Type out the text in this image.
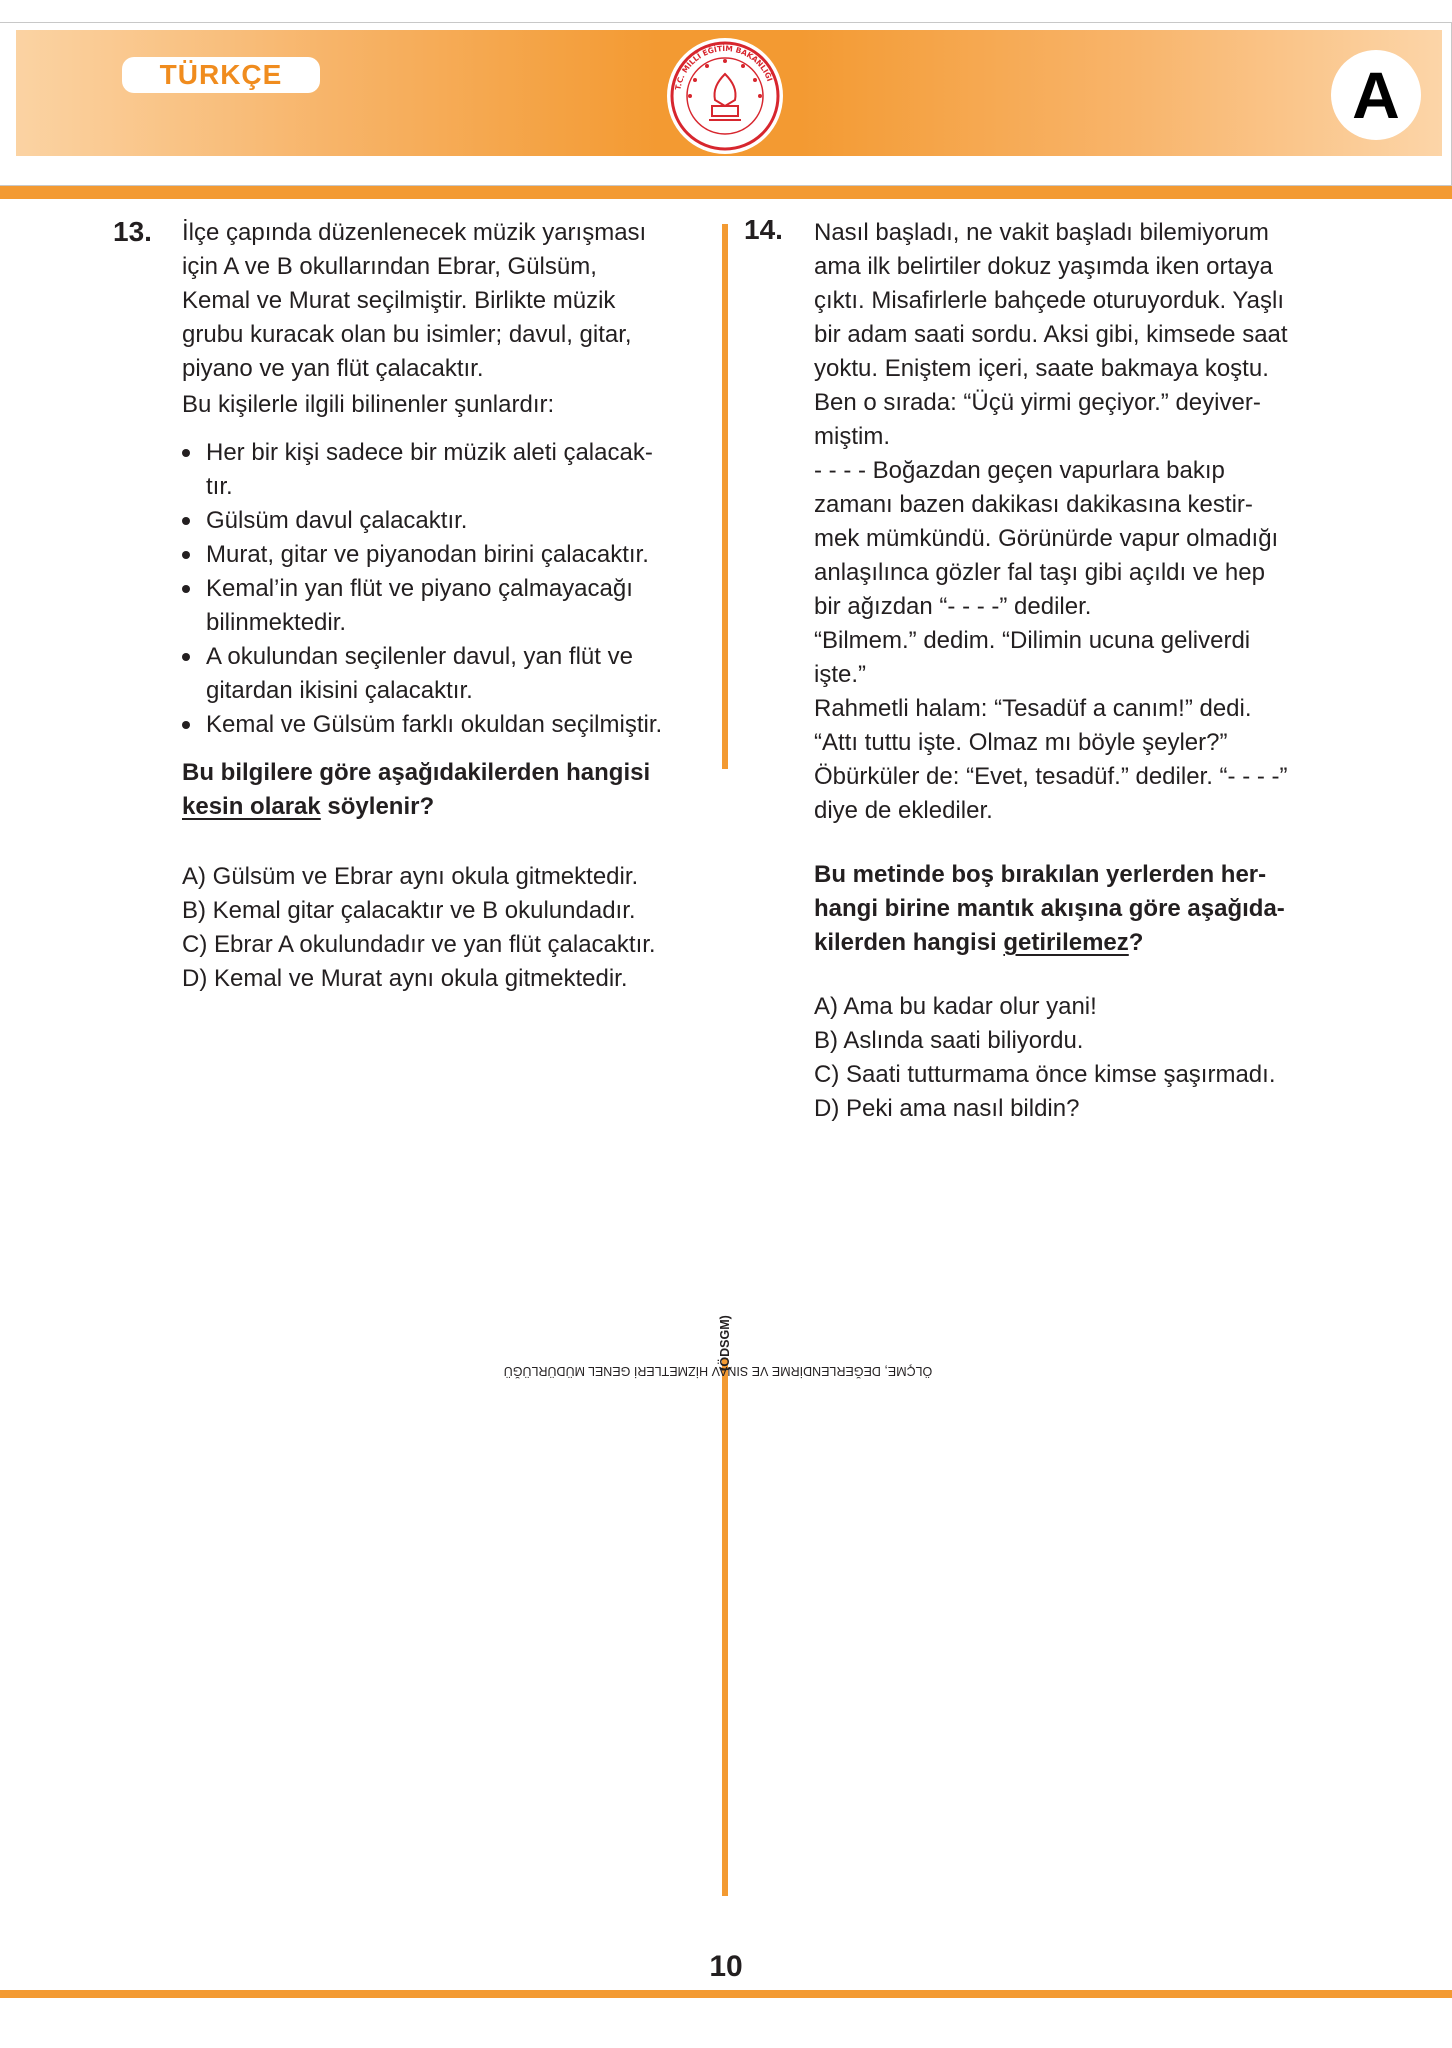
TÜRKÇE	T.C. MİLLÎ EĞİTİM BAKANLIĞI	A
13. İlçe çapında düzenlenecek müzik yarışması

için A ve B okullarından Ebrar, Gülsüm,

Kemal ve Murat seçilmiştir. Birlikte müzik

grubu kuracak olan bu isimler; davul, gitar,

piyano ve yan flüt çalacaktır.

Bu kişilerle ilgili bilinenler şunlardır:

Her bir kişi sadece bir müzik aleti çalacak-
tır.
Gülsüm davul çalacaktır.
Murat, gitar ve piyanodan birini çalacaktır.
Kemal’in yan flüt ve piyano çalmayacağı
bilinmektedir.
A okulundan seçilenler davul, yan flüt ve
gitardan ikisini çalacaktır.
Kemal ve Gülsüm farklı okuldan seçilmiştir.

Bu bilgilere göre aşağıdakilerden hangisi

kesin olarak söylenir?

A) Gülsüm ve Ebrar aynı okula gitmektedir.

B) Kemal gitar çalacaktır ve B okulundadır.

C) Ebrar A okulundadır ve yan flüt çalacaktır.

D) Kemal ve Murat aynı okula gitmektedir.

ÖLÇME, DEĞERLENDİRME VE SINAV HİZMETLERİ GENEL MÜDÜRLÜĞÜ
(ÖDSGM)
14. Nasıl başladı, ne vakit başladı bilemiyorum

ama ilk belirtiler dokuz yaşımda iken ortaya

çıktı. Misafirlerle bahçede oturuyorduk. Yaşlı

bir adam saati sordu. Aksi gibi, kimsede saat

yoktu. Eniştem içeri, saate bakmaya koştu.

Ben o sırada: “Üçü yirmi geçiyor.” deyiver-

miştim.

- - - - Boğazdan geçen vapurlara bakıp

zamanı bazen dakikası dakikasına kestir-

mek mümkündü. Görünürde vapur olmadığı

anlaşılınca gözler fal taşı gibi açıldı ve hep

bir ağızdan “- - - -” dediler.

“Bilmem.” dedim. “Dilimin ucuna geliverdi

işte.”

Rahmetli halam: “Tesadüf a canım!” dedi.

“Attı tuttu işte. Olmaz mı böyle şeyler?”

Öbürküler de: “Evet, tesadüf.” dediler. “- - - -”

diye de eklediler.

Bu metinde boş bırakılan yerlerden her-

hangi birine mantık akışına göre aşağıda-

kilerden hangisi getirilemez?

A) Ama bu kadar olur yani!

B) Aslında saati biliyordu.

C) Saati tutturmama önce kimse şaşırmadı.

D) Peki ama nasıl bildin?

10
